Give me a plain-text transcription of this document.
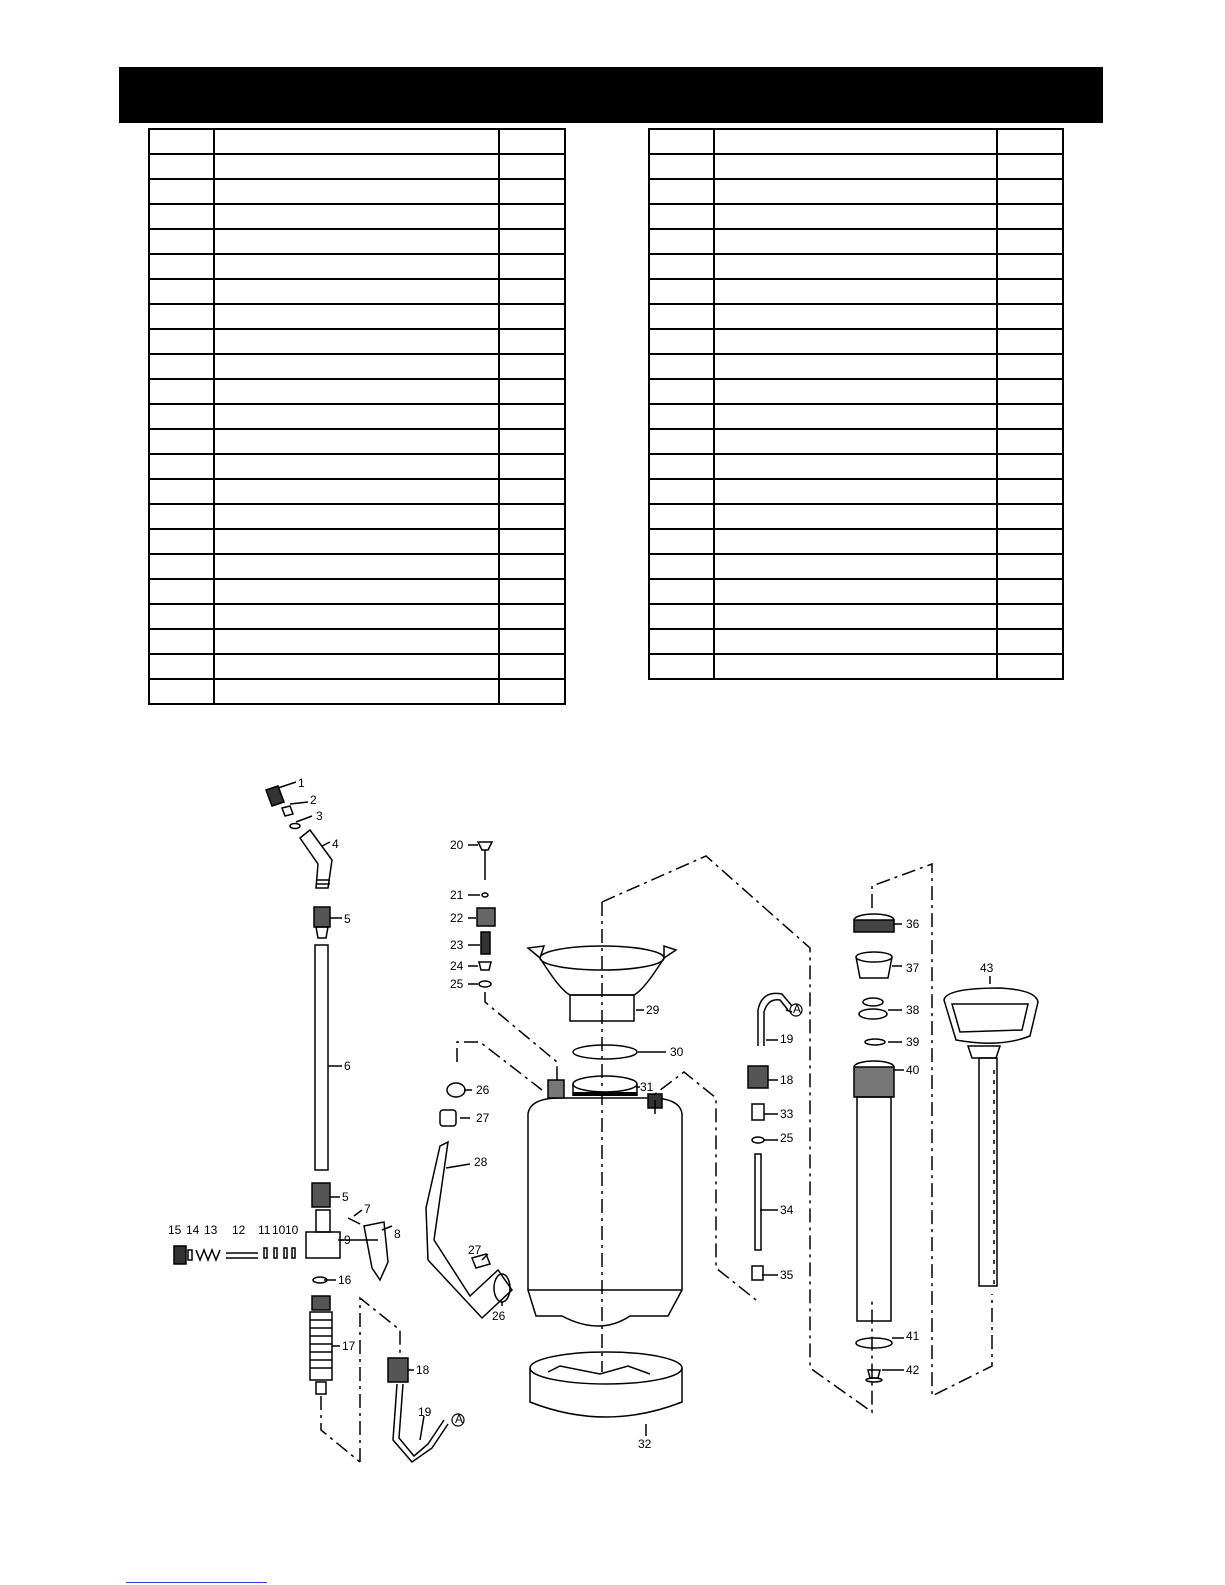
1
2
3
4
5
6
5
7
8
9
10
10
11
12
13
14
15
16
17
18
19 A
20
21
22
23
24
25
26
27
28
27
26
29
30
31
32
19
A
18
33
25
34
35
36
37
38
39
40
41
42
43
